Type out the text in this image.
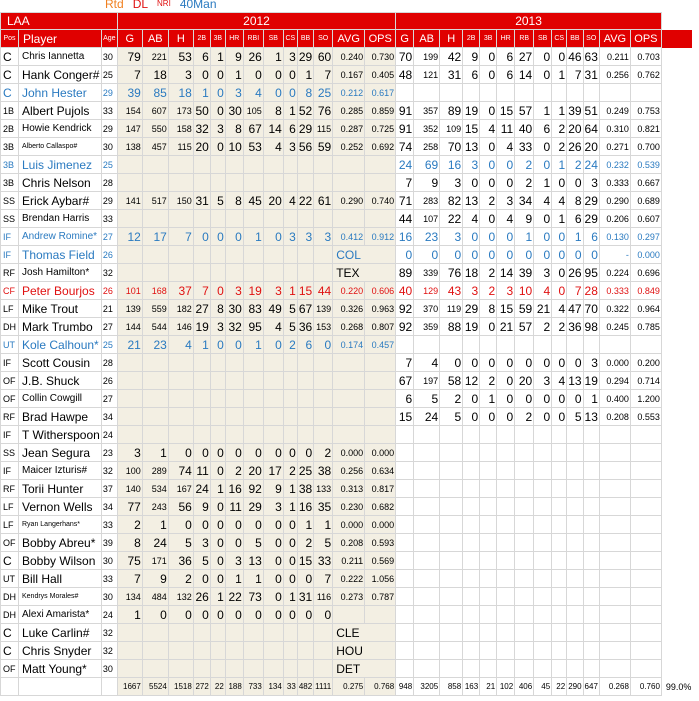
Rtd DL NRI 40Man
LAA			2012													2013													
Pos	Player	Age	G	AB	H	2B	3B	HR	RBI	SB	CS	BB	SO	AVG	OPS	G	AB	H	2B	3B	HR	RB	SB	CS	BB	SO	AVG	OPS	
C	Chris Iannetta	30	79	221	53	6	1	9	26	1	3	29	60	0.240	0.730	70	199	42	9	0	6	27	0	0	46	63	0.211	0.703	
C	Hank Conger#	25	7	18	3	0	0	1	0	0	0	1	7	0.167	0.405	48	121	31	6	0	6	14	0	1	7	31	0.256	0.762	
C	John Hester	29	39	85	18	1	0	3	4	0	0	8	25	0.212	0.617														
1B	Albert Pujols	33	154	607	173	50	0	30	105	8	1	52	76	0.285	0.859	91	357	89	19	0	15	57	1	1	39	51	0.249	0.753	
2B	Howie Kendrick	29	147	550	158	32	3	8	67	14	6	29	115	0.287	0.725	91	352	109	15	4	11	40	6	2	20	64	0.310	0.821	
3B	Alberto Callaspo#	30	138	457	115	20	0	10	53	4	3	56	59	0.252	0.692	74	258	70	13	0	4	33	0	2	26	20	0.271	0.700	
3B	Luis Jimenez	25														24	69	16	3	0	0	2	0	1	2	24	0.232	0.539	
3B	Chris Nelson	28														7	9	3	0	0	0	2	1	0	0	3	0.333	0.667	
SS	Erick Aybar#	29	141	517	150	31	5	8	45	20	4	22	61	0.290	0.740	71	283	82	13	2	3	34	4	4	8	29	0.290	0.689	
SS	Brendan Harris	33														44	107	22	4	0	4	9	0	1	6	29	0.206	0.607	
IF	Andrew Romine*	27	12	17	7	0	0	0	1	0	3	3	3	0.412	0.912	16	23	3	0	0	0	1	0	0	1	6	0.130	0.297	
IF	Thomas Field	26												COL		0	0	0	0	0	0	0	0	0	0	0	-	0.000	
RF	Josh Hamilton*	32												TEX		89	339	76	18	2	14	39	3	0	26	95	0.224	0.696	
CF	Peter Bourjos	26	101	168	37	7	0	3	19	3	1	15	44	0.220	0.606	40	129	43	3	2	3	10	4	0	7	28	0.333	0.849	
LF	Mike Trout	21	139	559	182	27	8	30	83	49	5	67	139	0.326	0.963	92	370	119	29	8	15	59	21	4	47	70	0.322	0.964	
DH	Mark Trumbo	27	144	544	146	19	3	32	95	4	5	36	153	0.268	0.807	92	359	88	19	0	21	57	2	2	36	98	0.245	0.785	
UT	Kole Calhoun*	25	21	23	4	1	0	0	1	0	2	6	0	0.174	0.457														
IF	Scott Cousin	28														7	4	0	0	0	0	0	0	0	0	3	0.000	0.200	
OF	J.B. Shuck	26														67	197	58	12	2	0	20	3	4	13	19	0.294	0.714	
OF	Collin Cowgill	27														6	5	2	0	1	0	0	0	0	0	1	0.400	1.200	
RF	Brad Hawpe	34														15	24	5	0	0	0	2	0	0	5	13	0.208	0.553	
IF	T Witherspoon	24																											
SS	Jean Segura	23	3	1	0	0	0	0	0	0	0	0	2	0.000	0.000														
IF	Maicer Izturis#	32	100	289	74	11	0	2	20	17	2	25	38	0.256	0.634														
RF	Torii Hunter	37	140	534	167	24	1	16	92	9	1	38	133	0.313	0.817														
LF	Vernon Wells	34	77	243	56	9	0	11	29	3	1	16	35	0.230	0.682														
LF	Ryan Langerhans*	33	2	1	0	0	0	0	0	0	0	1	1	0.000	0.000														
OF	Bobby Abreu*	39	8	24	5	3	0	0	5	0	0	2	5	0.208	0.593														
C	Bobby Wilson	30	75	171	36	5	0	3	13	0	0	15	33	0.211	0.569														
UT	Bill Hall	33	7	9	2	0	0	1	1	0	0	0	7	0.222	1.056														
DH	Kendrys Morales#	30	134	484	132	26	1	22	73	0	1	31	116	0.273	0.787														
DH	Alexi Amarista*	24	1	0	0	0	0	0	0	0	0	0	0																
C	Luke Carlin#	32												CLE															
C	Chris Snyder	32												HOU															
OF	Matt Young*	30												DET															
			1667	5524	1518	272	22	188	733	134	33	482	1111	0.275	0.768	948	3205	858	163	21	102	406	45	22	290	647	0.268	0.760	99.0%
